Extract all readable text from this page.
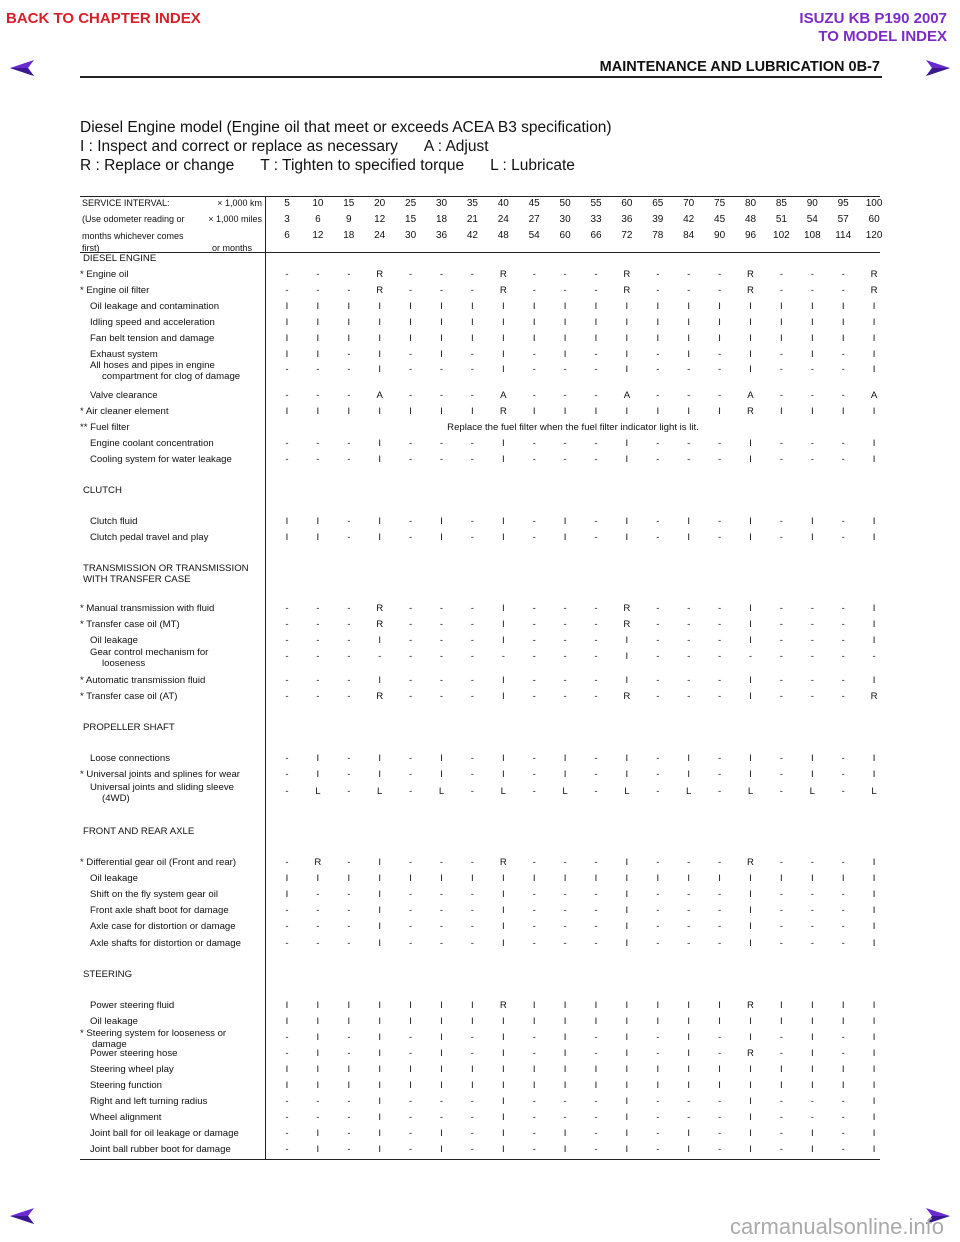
BACK TO CHAPTER INDEX	ISUZU KB P190 2007
TO MODEL INDEX
MAINTENANCE AND LUBRICATION 0B-7
Diesel Engine model (Engine oil that meet or exceeds ACEA B3 specification)
I : Inspect and correct or replace as necessary A : Adjust
R : Replace or change T : Tighten to specified torque L : Lubricate
SERVICE INTERVAL:	× 1,000 km
(Use odometer reading or	× 1,000 miles
months whichever comes
first)	or months
5	10	15	20	25	30	35	40	45	50	55	60	65	70	75	80	85	90	95	100
3	6	9	12	15	18	21	24	27	30	33	36	39	42	45	48	51	54	57	60
6	12	18	24	30	36	42	48	54	60	66	72	78	84	90	96	102	108	114	120
DIESEL ENGINE
* Engine oil	-	-	-	R	-	-	-	R	-	-	-	R	-	-	-	R	-	-	-	R
* Engine oil filter	-	-	-	R	-	-	-	R	-	-	-	R	-	-	-	R	-	-	-	R
Oil leakage and contamination	I	I	I	I	I	I	I	I	I	I	I	I	I	I	I	I	I	I	I	I
Idling speed and acceleration	I	I	I	I	I	I	I	I	I	I	I	I	I	I	I	I	I	I	I	I
Fan belt tension and damage	I	I	I	I	I	I	I	I	I	I	I	I	I	I	I	I	I	I	I	I
Exhaust system	I	I	-	I	-	I	-	I	-	I	-	I	-	I	-	I	-	I	-	I
All hoses and pipes in engine
compartment for clog of damage
-	-	-	I	-	-	-	I	-	-	-	I	-	-	-	I	-	-	-	I
Valve clearance	-	-	-	A	-	-	-	A	-	-	-	A	-	-	-	A	-	-	-	A
* Air cleaner element	I	I	I	I	I	I	I	R	I	I	I	I	I	I	I	R	I	I	I	I
** Fuel filter	Replace the fuel filter when the fuel filter indicator light is lit.
Engine coolant concentration	-	-	-	I	-	-	-	I	-	-	-	I	-	-	-	I	-	-	-	I
Cooling system for water leakage	-	-	-	I	-	-	-	I	-	-	-	I	-	-	-	I	-	-	-	I
CLUTCH
Clutch fluid	I	I	-	I	-	I	-	I	-	I	-	I	-	I	-	I	-	I	-	I
Clutch pedal travel and play	I	I	-	I	-	I	-	I	-	I	-	I	-	I	-	I	-	I	-	I
TRANSMISSION OR TRANSMISSION
WITH TRANSFER CASE
* Manual transmission with fluid	-	-	-	R	-	-	-	I	-	-	-	R	-	-	-	I	-	-	-	I
* Transfer case oil (MT)	-	-	-	R	-	-	-	I	-	-	-	R	-	-	-	I	-	-	-	I
Oil leakage	-	-	-	I	-	-	-	I	-	-	-	I	-	-	-	I	-	-	-	I
Gear control mechanism for
looseness
-	-	-	-	-	-	-	-	-	-	-	I	-	-	-	-	-	-	-	-
* Automatic transmission fluid	-	-	-	I	-	-	-	I	-	-	-	I	-	-	-	I	-	-	-	I
* Transfer case oil (AT)	-	-	-	R	-	-	-	I	-	-	-	R	-	-	-	I	-	-	-	R
PROPELLER SHAFT
Loose connections	-	I	-	I	-	I	-	I	-	I	-	I	-	I	-	I	-	I	-	I
* Universal joints and splines for wear	-	I	-	I	-	I	-	I	-	I	-	I	-	I	-	I	-	I	-	I
Universal joints and sliding sleeve
(4WD)
-	L	-	L	-	L	-	L	-	L	-	L	-	L	-	L	-	L	-	L
FRONT AND REAR AXLE
* Differential gear oil (Front and rear)	-	R	-	I	-	-	-	R	-	-	-	I	-	-	-	R	-	-	-	I
Oil leakage	I	I	I	I	I	I	I	I	I	I	I	I	I	I	I	I	I	I	I	I
Shift on the fly system gear oil	I	-	-	I	-	-	-	I	-	-	-	I	-	-	-	I	-	-	-	I
Front axle shaft boot for damage	-	-	-	I	-	-	-	I	-	-	-	I	-	-	-	I	-	-	-	I
Axle case for distortion or damage	-	-	-	I	-	-	-	I	-	-	-	I	-	-	-	I	-	-	-	I
Axle shafts for distortion or damage	-	-	-	I	-	-	-	I	-	-	-	I	-	-	-	I	-	-	-	I
STEERING
Power steering fluid	I	I	I	I	I	I	I	R	I	I	I	I	I	I	I	R	I	I	I	I
Oil leakage	I	I	I	I	I	I	I	I	I	I	I	I	I	I	I	I	I	I	I	I
* Steering system for looseness or
damage
-	I	-	I	-	I	-	I	-	I	-	I	-	I	-	I	-	I	-	I
Power steering hose	-	I	-	I	-	I	-	I	-	I	-	I	-	I	-	R	-	I	-	I
Steering wheel play	I	I	I	I	I	I	I	I	I	I	I	I	I	I	I	I	I	I	I	I
Steering function	I	I	I	I	I	I	I	I	I	I	I	I	I	I	I	I	I	I	I	I
Right and left turning radius	-	-	-	I	-	-	-	I	-	-	-	I	-	-	-	I	-	-	-	I
Wheel alignment	-	-	-	I	-	-	-	I	-	-	-	I	-	-	-	I	-	-	-	I
Joint ball for oil leakage or damage	-	I	-	I	-	I	-	I	-	I	-	I	-	I	-	I	-	I	-	I
Joint ball rubber boot for damage	-	I	-	I	-	I	-	I	-	I	-	I	-	I	-	I	-	I	-	I
carmanualsonline.info
